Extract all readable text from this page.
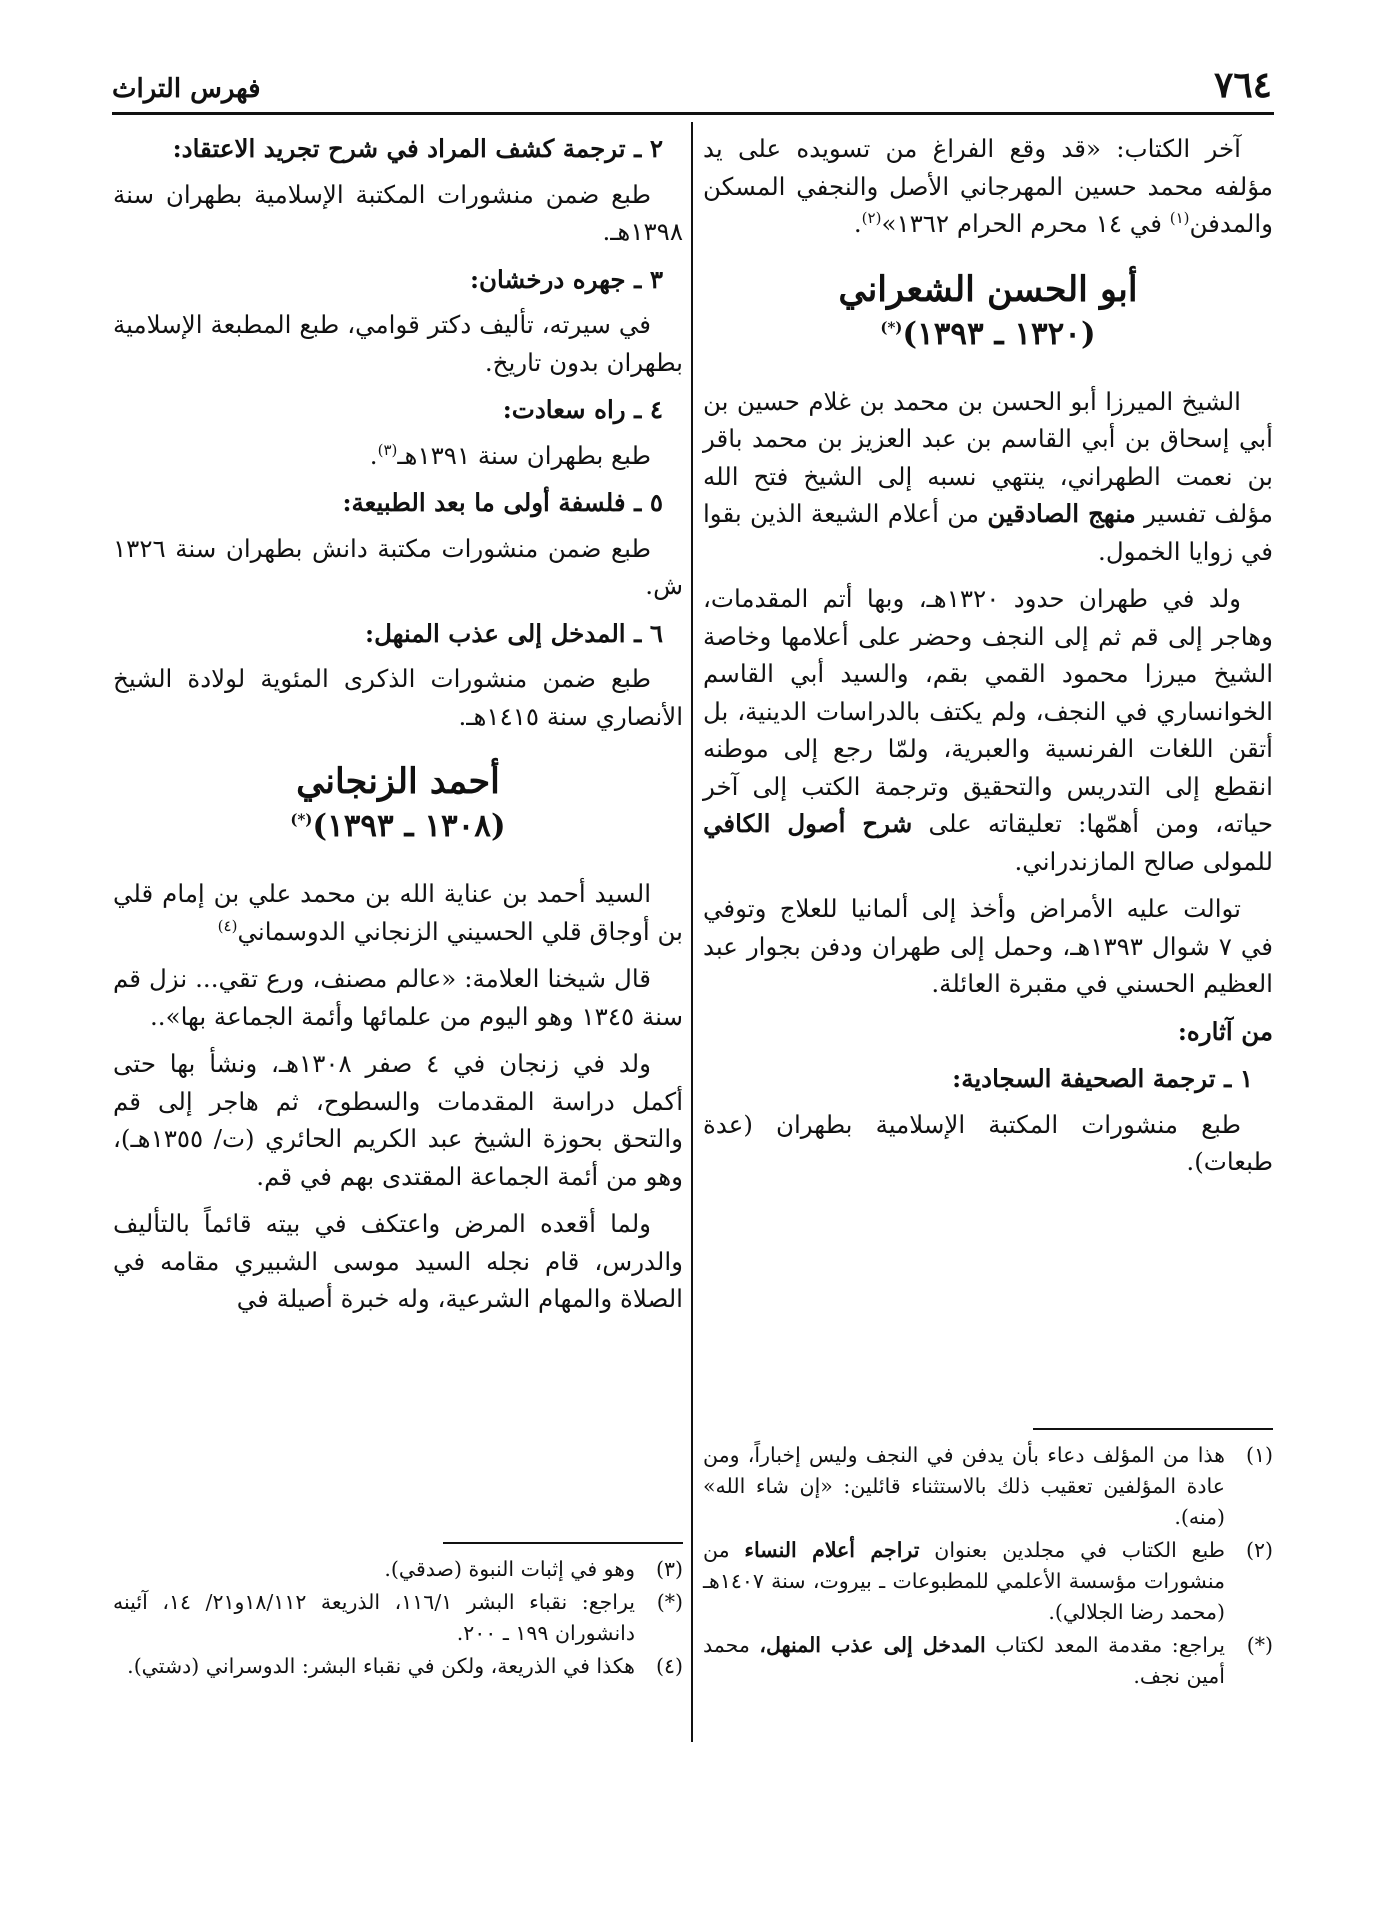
٧٦٤
فهرس التراث

آخر الكتاب: «قد وقع الفراغ من تسويده على يد مؤلفه محمد حسين المهرجاني الأصل والنجفي المسكن والمدفن$^{(١)}$ في ١٤ محرم الحرام ١٣٦٢»$^{(٢)}$.

أبو الحسن الشعراني
(١٣٢٠ ـ ١٣٩٣)(*)

الشيخ الميرزا أبو الحسن بن محمد بن غلام حسين بن أبي إسحاق بن أبي القاسم بن عبد العزيز بن محمد باقر بن نعمت الطهراني، ينتهي نسبه إلى الشيخ فتح الله مؤلف تفسير منهج الصادقين من أعلام الشيعة الذين بقوا في زوايا الخمول.

ولد في طهران حدود ١٣٢٠هـ، وبها أتم المقدمات، وهاجر إلى قم ثم إلى النجف وحضر على أعلامها وخاصة الشيخ ميرزا محمود القمي بقم، والسيد أبي القاسم الخوانساري في النجف، ولم يكتف بالدراسات الدينية، بل أتقن اللغات الفرنسية والعبرية، ولمّا رجع إلى موطنه انقطع إلى التدريس والتحقيق وترجمة الكتب إلى آخر حياته، ومن أهمّها: تعليقاته على شرح أصول الكافي للمولى صالح المازندراني.

توالت عليه الأمراض وأخذ إلى ألمانيا للعلاج وتوفي في ٧ شوال ١٣٩٣هـ، وحمل إلى طهران ودفن بجوار عبد العظيم الحسني في مقبرة العائلة.

من آثاره:

١ ـ ترجمة الصحيفة السجادية:

طبع منشورات المكتبة الإسلامية بطهران (عدة طبعات).

٢ ـ ترجمة كشف المراد في شرح تجريد الاعتقاد:

طبع ضمن منشورات المكتبة الإسلامية بطهران سنة ١٣٩٨هـ.

٣ ـ جهره درخشان:

في سيرته، تأليف دكتر قوامي، طبع المطبعة الإسلامية بطهران بدون تاريخ.

٤ ـ راه سعادت:

طبع بطهران سنة ١٣٩١هـ$^{(٣)}$.

٥ ـ فلسفة أولى ما بعد الطبيعة:

طبع ضمن منشورات مكتبة دانش بطهران سنة ١٣٢٦ ش.

٦ ـ المدخل إلى عذب المنهل:

طبع ضمن منشورات الذكرى المئوية لولادة الشيخ الأنصاري سنة ١٤١٥هـ.

أحمد الزنجاني
(١٣٠٨ ـ ١٣٩٣)(*)

السيد أحمد بن عناية الله بن محمد علي بن إمام قلي بن أوجاق قلي الحسيني الزنجاني الدوسماني$^{(٤)}$

قال شيخنا العلامة: «عالم مصنف، ورع تقي... نزل قم سنة ١٣٤٥ وهو اليوم من علمائها وأئمة الجماعة بها»..

ولد في زنجان في ٤ صفر ١٣٠٨هـ، ونشأ بها حتى أكمل دراسة المقدمات والسطوح، ثم هاجر إلى قم والتحق بحوزة الشيخ عبد الكريم الحائري (ت/ ١٣٥٥هـ)، وهو من أئمة الجماعة المقتدى بهم في قم.

ولما أقعده المرض واعتكف في بيته قائماً بالتأليف والدرس، قام نجله السيد موسى الشبيري مقامه في الصلاة والمهام الشرعية، وله خبرة أصيلة في

(١)
هذا من المؤلف دعاء بأن يدفن في النجف وليس إخباراً، ومن عادة المؤلفين تعقيب ذلك بالاستثناء قائلين: «إن شاء الله» (منه).
(٢)
طبع الكتاب في مجلدين بعنوان تراجم أعلام النساء من منشورات مؤسسة الأعلمي للمطبوعات ـ بيروت، سنة ١٤٠٧هـ (محمد رضا الجلالي).
(*)
يراجع: مقدمة المعد لكتاب المدخل إلى عذب المنهل، محمد أمين نجف.
(٣)
وهو في إثبات النبوة (صدقي).
(*)
يراجع: نقباء البشر ١١٦/١، الذريعة ١٨/١١٢و٢١/ ١٤، آئينه دانشوران ١٩٩ ـ ٢٠٠.
(٤)
هكذا في الذريعة، ولكن في نقباء البشر: الدوسراني (دشتي).
